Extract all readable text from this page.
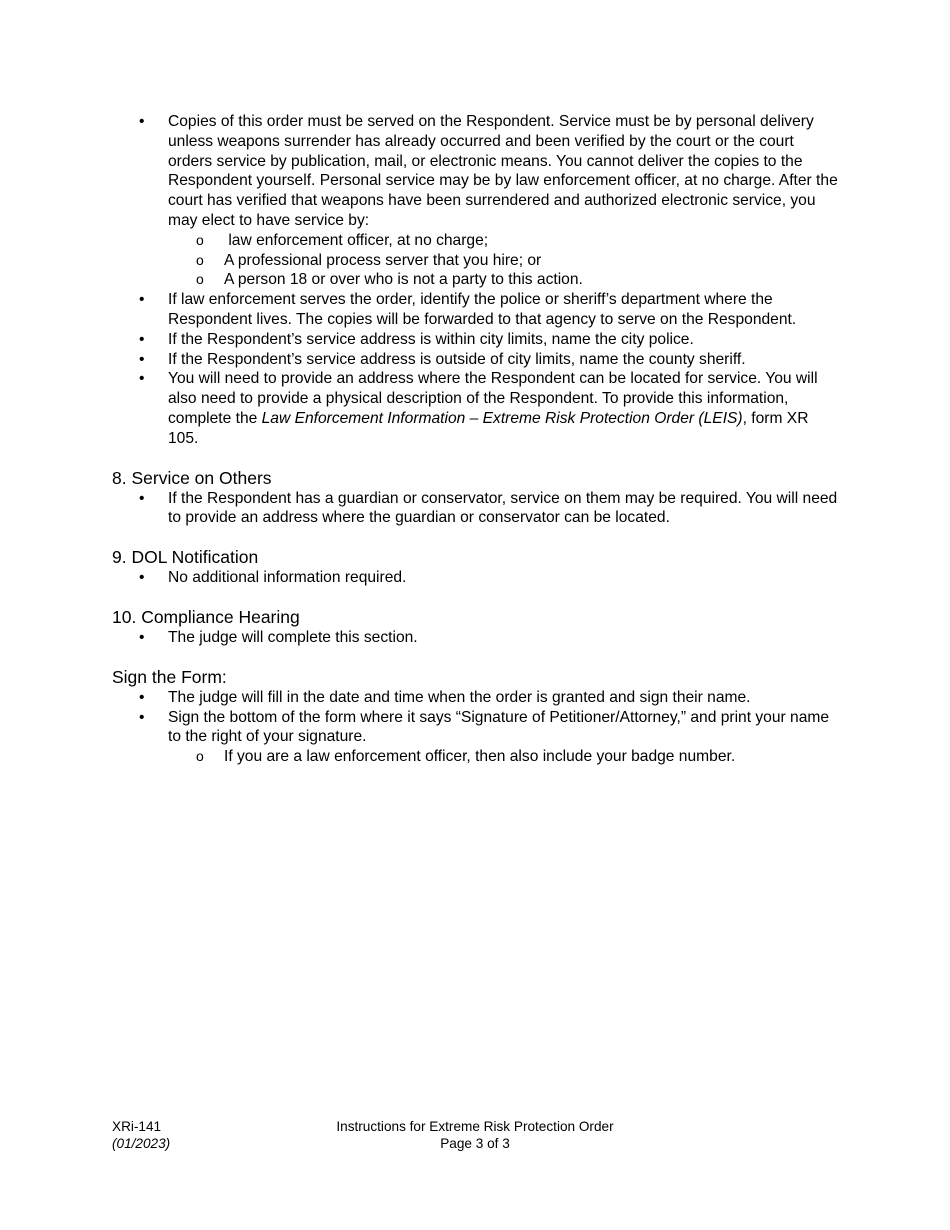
• Copies of this order must be served on the Respondent. Service must be by personal delivery unless weapons surrender has already occurred and been verified by the court or the court orders service by publication, mail, or electronic means. You cannot deliver the copies to the Respondent yourself. Personal service may be by law enforcement officer, at no charge. After the court has verified that weapons have been surrendered and authorized electronic service, you may elect to have service by:
o  law enforcement officer, at no charge;
o A professional process server that you hire; or
o A person 18 or over who is not a party to this action.
• If law enforcement serves the order, identify the police or sheriff’s department where the Respondent lives. The copies will be forwarded to that agency to serve on the Respondent.
• If the Respondent’s service address is within city limits, name the city police.
• If the Respondent’s service address is outside of city limits, name the county sheriff.
• You will need to provide an address where the Respondent can be located for service. You will also need to provide a physical description of the Respondent. To provide this information, complete the Law Enforcement Information – Extreme Risk Protection Order (LEIS), form XR 105.
8. Service on Others
• If the Respondent has a guardian or conservator, service on them may be required. You will need to provide an address where the guardian or conservator can be located.
9. DOL Notification
• No additional information required.
10. Compliance Hearing
• The judge will complete this section.
Sign the Form:
• The judge will fill in the date and time when the order is granted and sign their name.
• Sign the bottom of the form where it says “Signature of Petitioner/Attorney,” and print your name to the right of your signature.
o If you are a law enforcement officer, then also include your badge number.
XRi-141
(01/2023)
Instructions for Extreme Risk Protection Order
Page 3 of 3
